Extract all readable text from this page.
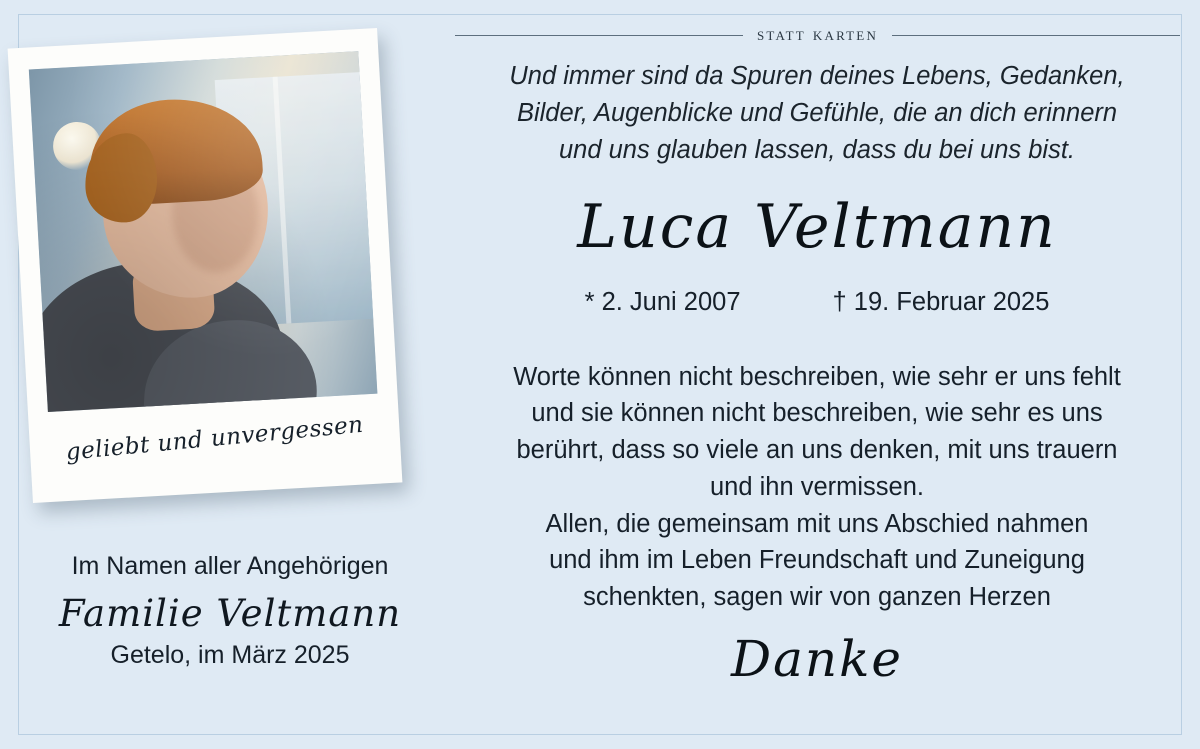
statt karten
geliebt und unvergessen
Im Namen aller Angehörigen
Familie Veltmann
Getelo, im März 2025
Und immer sind da Spuren deines Lebens, Gedanken,
Bilder, Augenblicke und Gefühle, die an dich erinnern
und uns glauben lassen, dass du bei uns bist.
Luca Veltmann
* 2. Juni 2007	† 19. Februar 2025
Worte können nicht beschreiben, wie sehr er uns fehlt
und sie können nicht beschreiben, wie sehr es uns
berührt, dass so viele an uns denken, mit uns trauern
und ihn vermissen.
Allen, die gemeinsam mit uns Abschied nahmen
und ihm im Leben Freundschaft und Zuneigung
schenkten, sagen wir von ganzen Herzen
Danke
